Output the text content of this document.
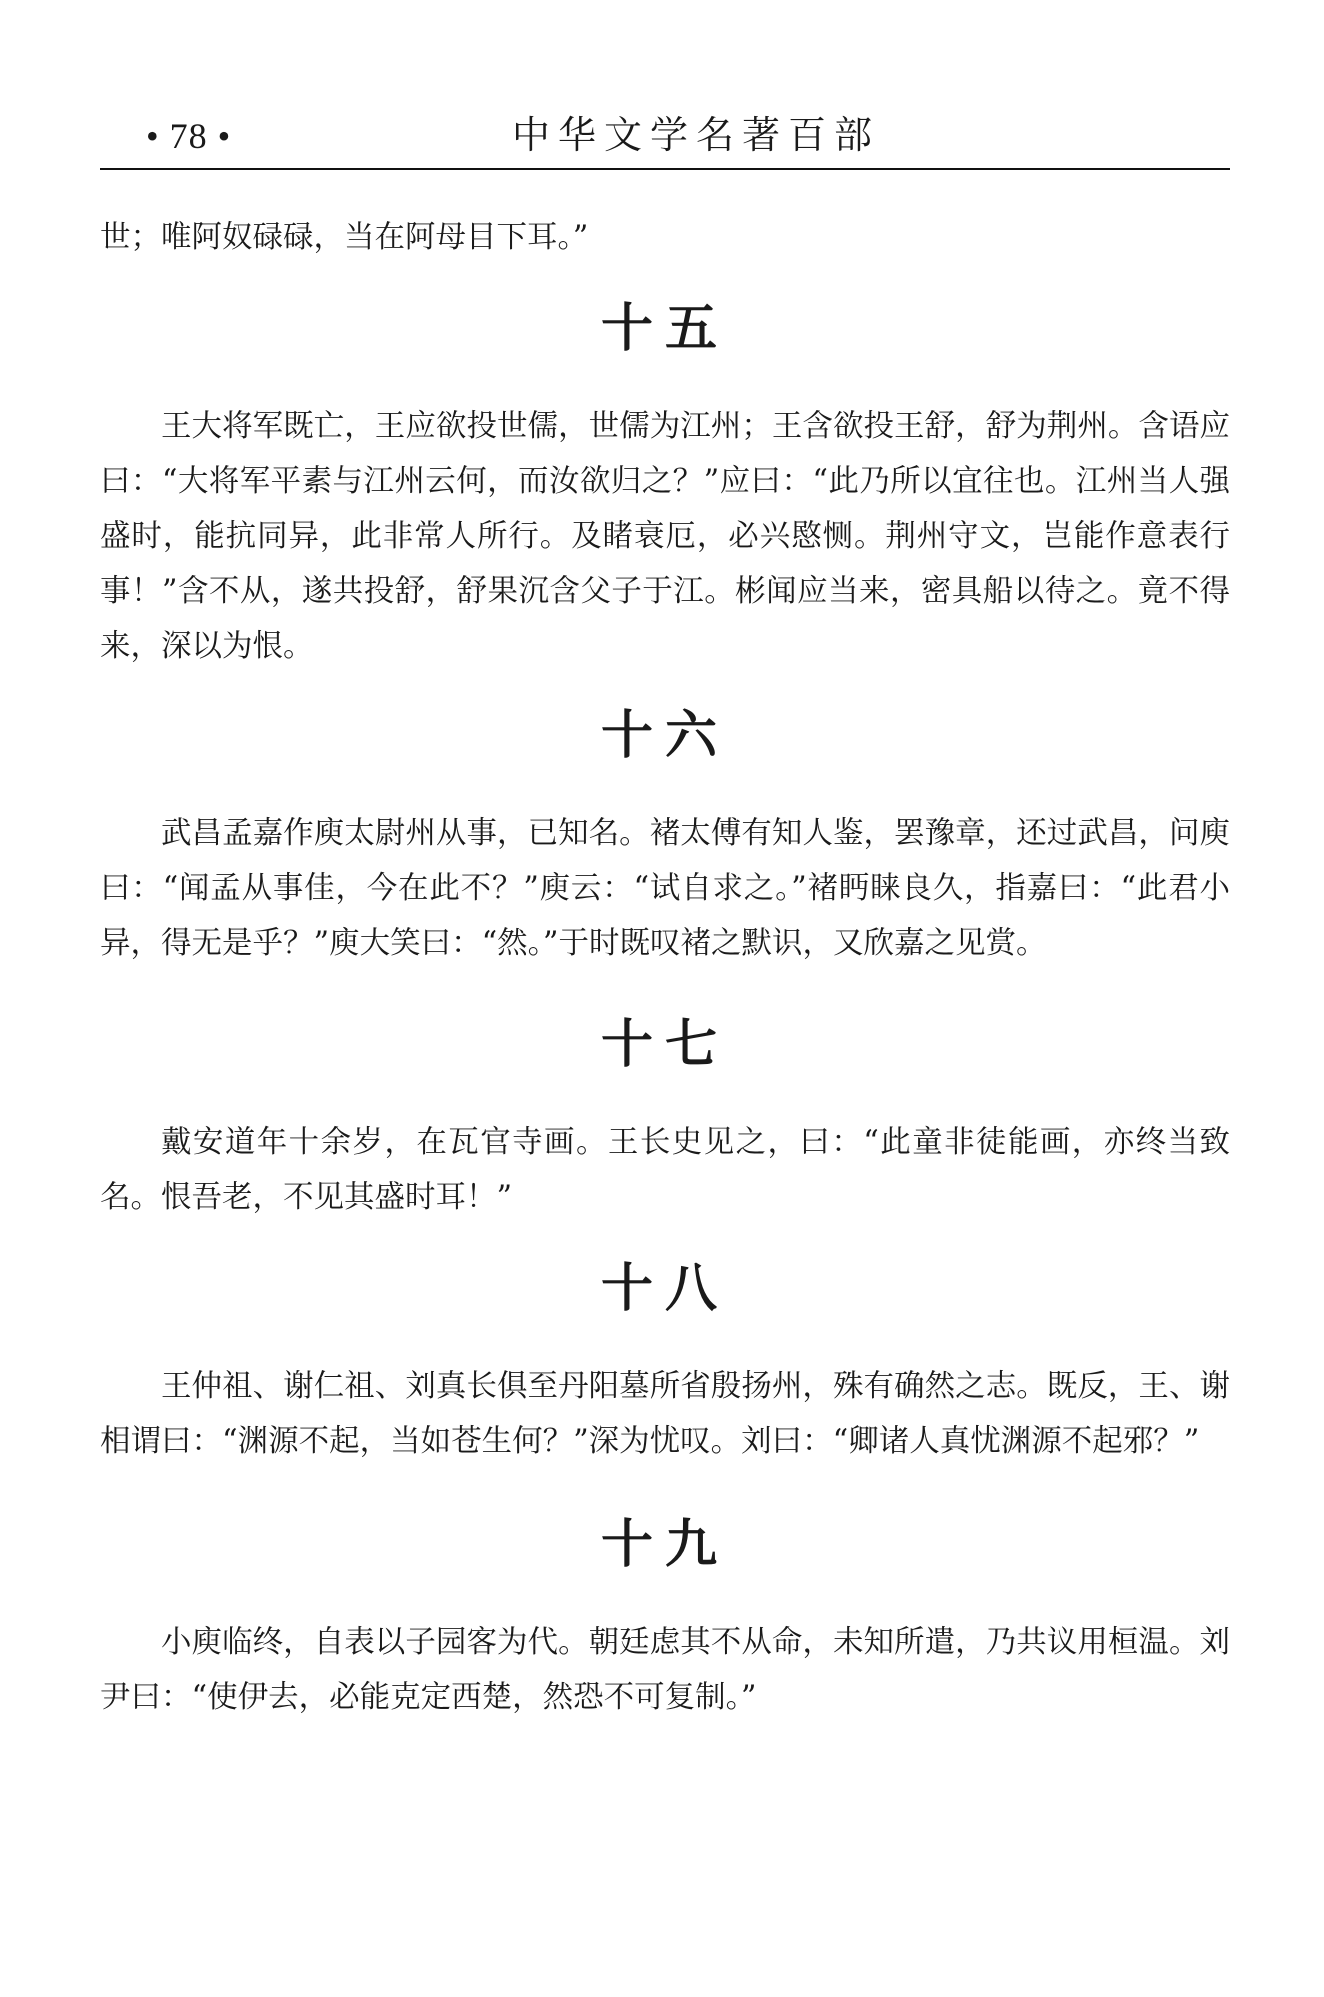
• 78 •	中华文学名著百部

世；唯阿奴碌碌，当在阿母目下耳。”

十五

王大将军既亡，王应欲投世儒，世儒为江州；王含欲投王舒，舒为荆州。含语应曰：“大将军平素与江州云何，而汝欲归之？”应曰：“此乃所以宜往也。江州当人强盛时，能抗同异，此非常人所行。及睹衰厄，必兴愍恻。荆州守文，岂能作意表行事！”含不从，遂共投舒，舒果沉含父子于江。彬闻应当来，密具船以待之。竟不得来，深以为恨。

十六

武昌孟嘉作庾太尉州从事，已知名。褚太傅有知人鉴，罢豫章，还过武昌，问庾曰：“闻孟从事佳，今在此不？”庾云：“试自求之。”褚眄睐良久，指嘉曰：“此君小异，得无是乎？”庾大笑曰：“然。”于时既叹褚之默识，又欣嘉之见赏。

十七

戴安道年十余岁，在瓦官寺画。王长史见之，曰：“此童非徒能画，亦终当致名。恨吾老，不见其盛时耳！”

十八

王仲祖、谢仁祖、刘真长俱至丹阳墓所省殷扬州，殊有确然之志。既反，王、谢相谓曰：“渊源不起，当如苍生何？”深为忧叹。刘曰：“卿诸人真忧渊源不起邪？”

十九

小庾临终，自表以子园客为代。朝廷虑其不从命，未知所遣，乃共议用桓温。刘尹曰：“使伊去，必能克定西楚，然恐不可复制。”
